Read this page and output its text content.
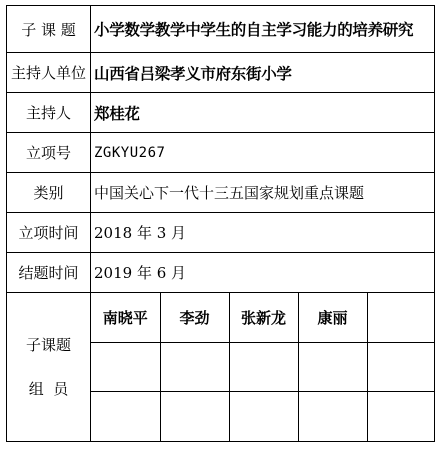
子 课 题	小学数学教学中学生的自主学习能力的培养研究
主持人单位	山西省吕梁孝义市府东街小学
主持人	郑桂花
立项号	ZGKYU267
类别	中国关心下一代十三五国家规划重点课题
立项时间	2018 年 3 月
结题时间	2019 年 6 月

子课题
组  员

南晓平	李劲	张新龙	康丽	
